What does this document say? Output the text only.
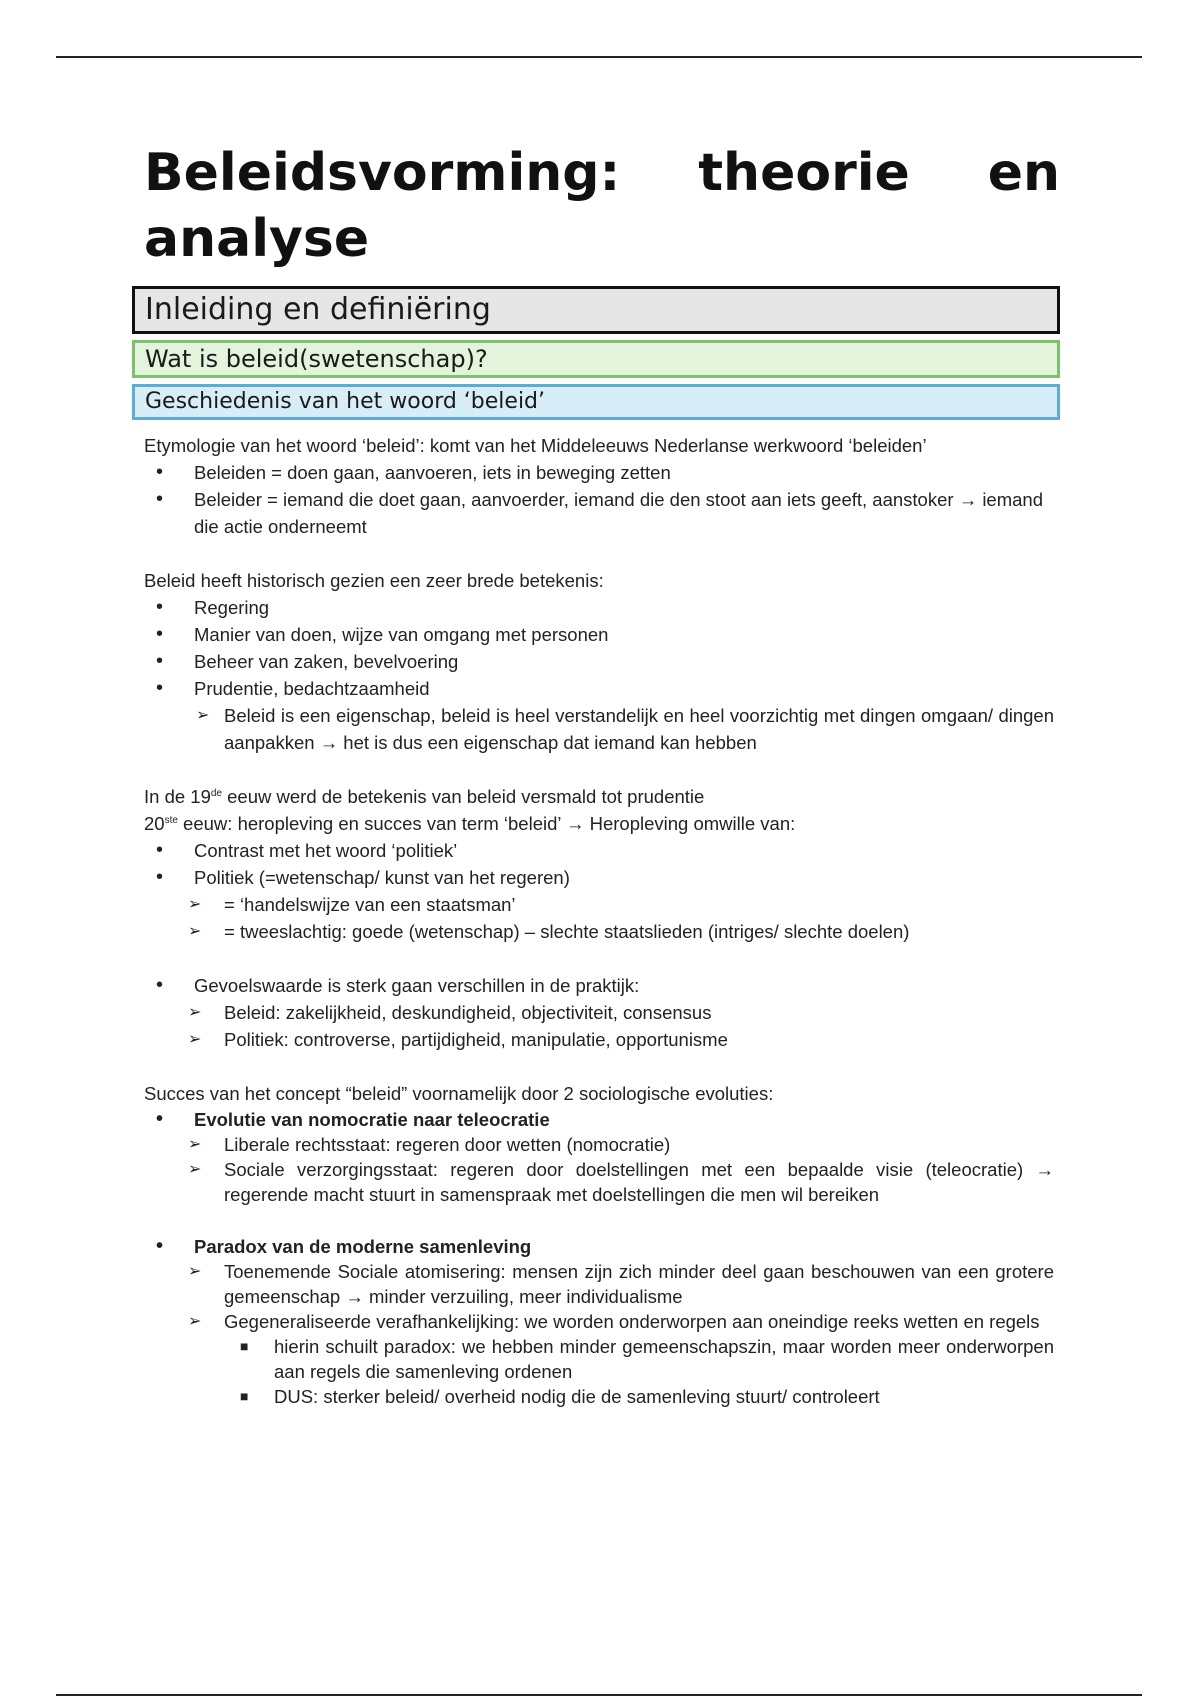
Beleidsvorming: theorie en analyse
Inleiding en definiëring
Wat is beleid(swetenschap)?
Geschiedenis van het woord ‘beleid’

Etymologie van het woord ‘beleid’: komt van het Middeleeuws Nederlanse werkwoord ‘beleiden’

• Beleiden = doen gaan, aanvoeren, iets in beweging zetten
• Beleider = iemand die doet gaan, aanvoerder, iemand die den stoot aan iets geeft, aanstoker → iemand die actie onderneemt

Beleid heeft historisch gezien een zeer brede betekenis:

• Regering
• Manier van doen, wijze van omgang met personen
• Beheer van zaken, bevelvoering
• Prudentie, bedachtzaamheid
➢ Beleid is een eigenschap, beleid is heel verstandelijk en heel voorzichtig met dingen omgaan/ dingen aanpakken → het is dus een eigenschap dat iemand kan hebben

In de 19de eeuw werd de betekenis van beleid versmald tot prudentie

20ste eeuw: heropleving en succes van term ‘beleid’ → Heropleving omwille van:

• Contrast met het woord ‘politiek’
• Politiek (=wetenschap/ kunst van het regeren)
➢ = ‘handelswijze van een staatsman’
➢ = tweeslachtig: goede (wetenschap) – slechte staatslieden (intriges/ slechte doelen)
• Gevoelswaarde is sterk gaan verschillen in de praktijk:
➢ Beleid: zakelijkheid, deskundigheid, objectiviteit, consensus
➢ Politiek: controverse, partijdigheid, manipulatie, opportunisme

Succes van het concept “beleid” voornamelijk door 2 sociologische evoluties:

• Evolutie van nomocratie naar teleocratie
➢ Liberale rechtsstaat: regeren door wetten (nomocratie)
➢ Sociale verzorgingsstaat: regeren door doelstellingen met een bepaalde visie (teleocratie) → regerende macht stuurt in samenspraak met doelstellingen die men wil bereiken
• Paradox van de moderne samenleving
➢ Toenemende Sociale atomisering: mensen zijn zich minder deel gaan beschouwen van een grotere gemeenschap → minder verzuiling, meer individualisme
➢ Gegeneraliseerde verafhankelijking: we worden onderworpen aan oneindige reeks wetten en regels
■ hierin schuilt paradox: we hebben minder gemeenschapszin, maar worden meer onderworpen aan regels die samenleving ordenen
■ DUS: sterker beleid/ overheid nodig die de samenleving stuurt/ controleert
